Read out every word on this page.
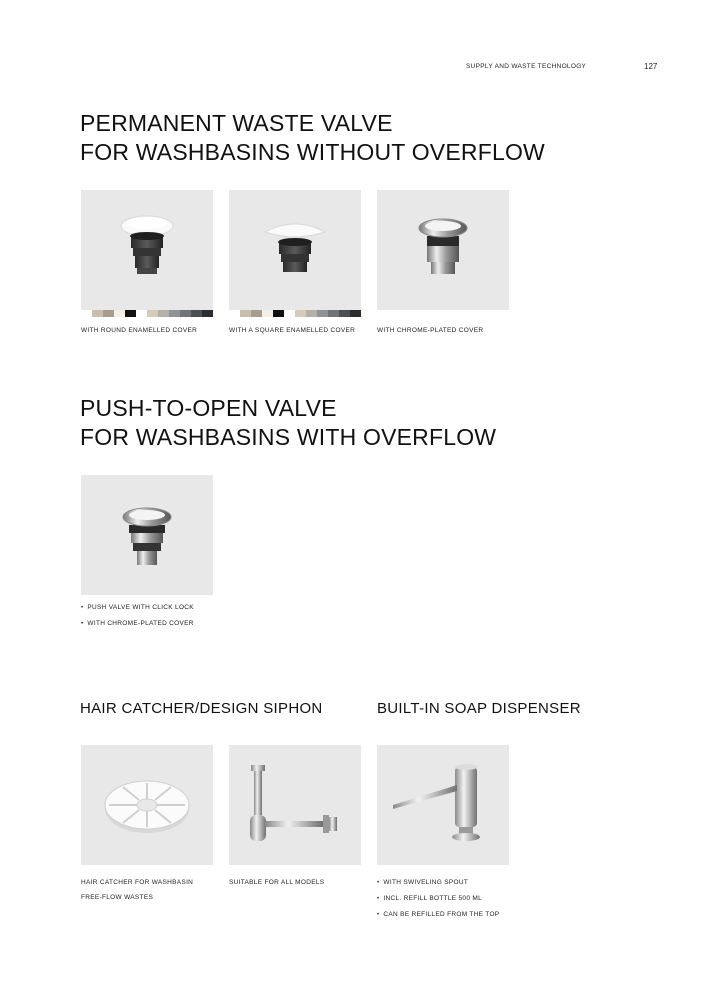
SUPPLY AND WASTE TECHNOLOGY	127
PERMANENT WASTE VALVE
FOR WASHBASINS WITHOUT OVERFLOW
WITH ROUND ENAMELLED COVER	WITH A SQUARE ENAMELLED COVER	WITH CHROME-PLATED COVER
PUSH-TO-OPEN VALVE
FOR WASHBASINS WITH OVERFLOW
• PUSH VALVE WITH CLICK LOCK
• WITH CHROME-PLATED COVER
HAIR CATCHER/DESIGN SIPHON
HAIR CATCHER FOR WASHBASIN
FREE-FLOW WASTES
SUITABLE FOR ALL MODELS
BUILT-IN SOAP DISPENSER
• WITH SWIVELING SPOUT
• INCL. REFILL BOTTLE 500 ML
• CAN BE REFILLED FROM THE TOP
